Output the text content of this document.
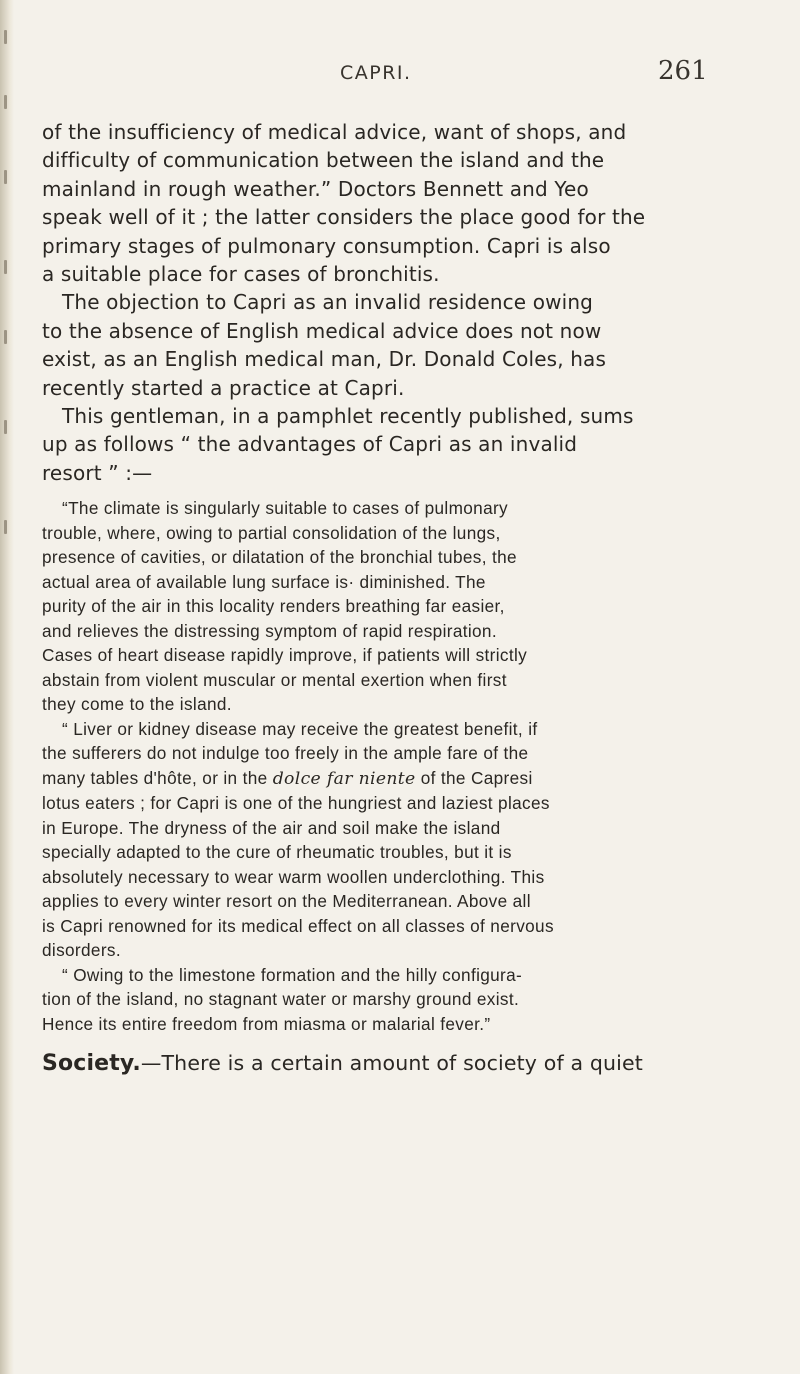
CAPRI.	261
of the insufficiency of medical advice, want of shops, and
difficulty of communication between the island and the
mainland in rough weather.” Doctors Bennett and Yeo
speak well of it ; the latter considers the place good for the
primary stages of pulmonary consumption. Capri is also
a suitable place for cases of bronchitis.
The objection to Capri as an invalid residence owing
to the absence of English medical advice does not now
exist, as an English medical man, Dr. Donald Coles, has
recently started a practice at Capri.
This gentleman, in a pamphlet recently published, sums
up as follows “ the advantages of Capri as an invalid
resort ” :—
“The climate is singularly suitable to cases of pulmonary
trouble, where, owing to partial consolidation of the lungs,
presence of cavities, or dilatation of the bronchial tubes, the
actual area of available lung surface is· diminished. The
purity of the air in this locality renders breathing far easier,
and relieves the distressing symptom of rapid respiration.
Cases of heart disease rapidly improve, if patients will strictly
abstain from violent muscular or mental exertion when first
they come to the island.
“ Liver or kidney disease may receive the greatest benefit, if
the sufferers do not indulge too freely in the ample fare of the
many tables d'hôte, or in the dolce far niente of the Capresi
lotus eaters ; for Capri is one of the hungriest and laziest places
in Europe. The dryness of the air and soil make the island
specially adapted to the cure of rheumatic troubles, but it is
absolutely necessary to wear warm woollen underclothing. This
applies to every winter resort on the Mediterranean. Above all
is Capri renowned for its medical effect on all classes of nervous
disorders.
“ Owing to the limestone formation and the hilly configura-
tion of the island, no stagnant water or marshy ground exist.
Hence its entire freedom from miasma or malarial fever.”
Society.—There is a certain amount of society of a quiet
